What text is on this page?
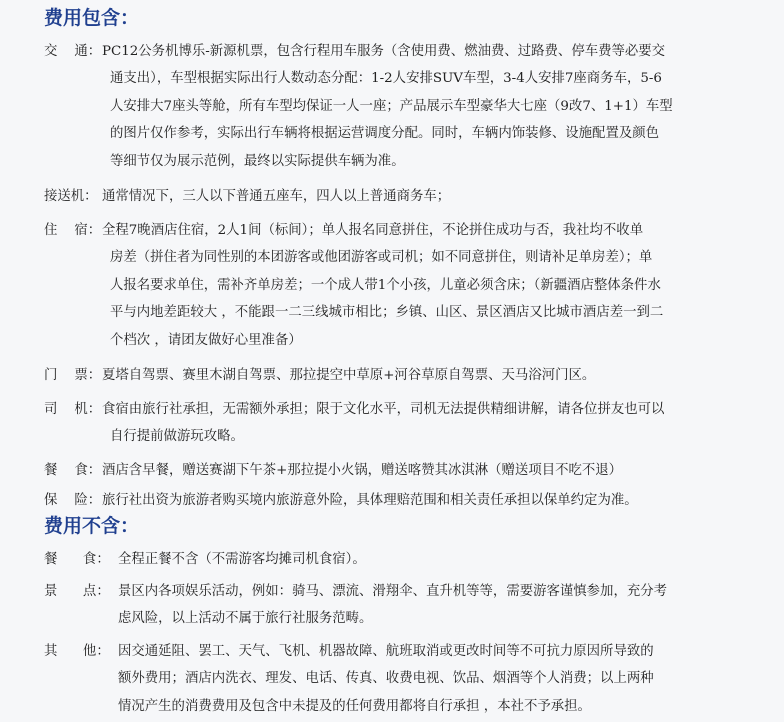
费用包含：
交    通： PC12公务机博乐-新源机票，包含行程用车服务（含使用费、燃油费、过路费、停车费等必要交
通支出），车型根据实际出行人数动态分配：1-2人安排SUV车型，3-4人安排7座商务车，5-6
人安排大7座头等舱，所有车型均保证一人一座；产品展示车型豪华大七座（9改7、1+1）车型
的图片仅作参考，实际出行车辆将根据运营调度分配。同时，车辆内饰装修、设施配置及颜色
等细节仅为展示范例，最终以实际提供车辆为准。
接送机： 通常情况下，三人以下普通五座车，四人以上普通商务车；
住    宿： 全程7晚酒店住宿，2人1间（标间）；单人报名同意拼住，不论拼住成功与否，我社均不收单
房差（拼住者为同性别的本团游客或他团游客或司机；如不同意拼住，则请补足单房差）；单
人报名要求单住，需补齐单房差；一个成人带1个小孩，儿童必须含床；（新疆酒店整体条件水
平与内地差距较大 ，不能跟一二三线城市相比；乡镇、山区、景区酒店又比城市酒店差一到二
个档次 ，请团友做好心里准备）
门    票： 夏塔自驾票、赛里木湖自驾票、那拉提空中草原+河谷草原自驾票、天马浴河门区。
司    机： 食宿由旅行社承担，无需额外承担；限于文化水平，司机无法提供精细讲解，请各位拼友也可以
自行提前做游玩攻略。
餐    食： 酒店含早餐，赠送赛湖下午茶+那拉提小火锅，赠送喀赞其冰淇淋（赠送项目不吃不退）
保    险： 旅行社出资为旅游者购买境内旅游意外险，具体理赔范围和相关责任承担以保单约定为准。
费用不含：
餐      食： 全程正餐不含（不需游客均摊司机食宿）。
景      点： 景区内各项娱乐活动，例如：骑马、漂流、滑翔伞、直升机等等，需要游客谨慎参加，充分考
虑风险，以上活动不属于旅行社服务范畴。
其      他： 因交通延阻、罢工、天气、飞机、机器故障、航班取消或更改时间等不可抗力原因所导致的
额外费用；酒店内洗衣、理发、电话、传真、收费电视、饮品、烟酒等个人消费；以上两种
情况产生的消费费用及包含中未提及的任何费用都将自行承担 ，本社不予承担。
